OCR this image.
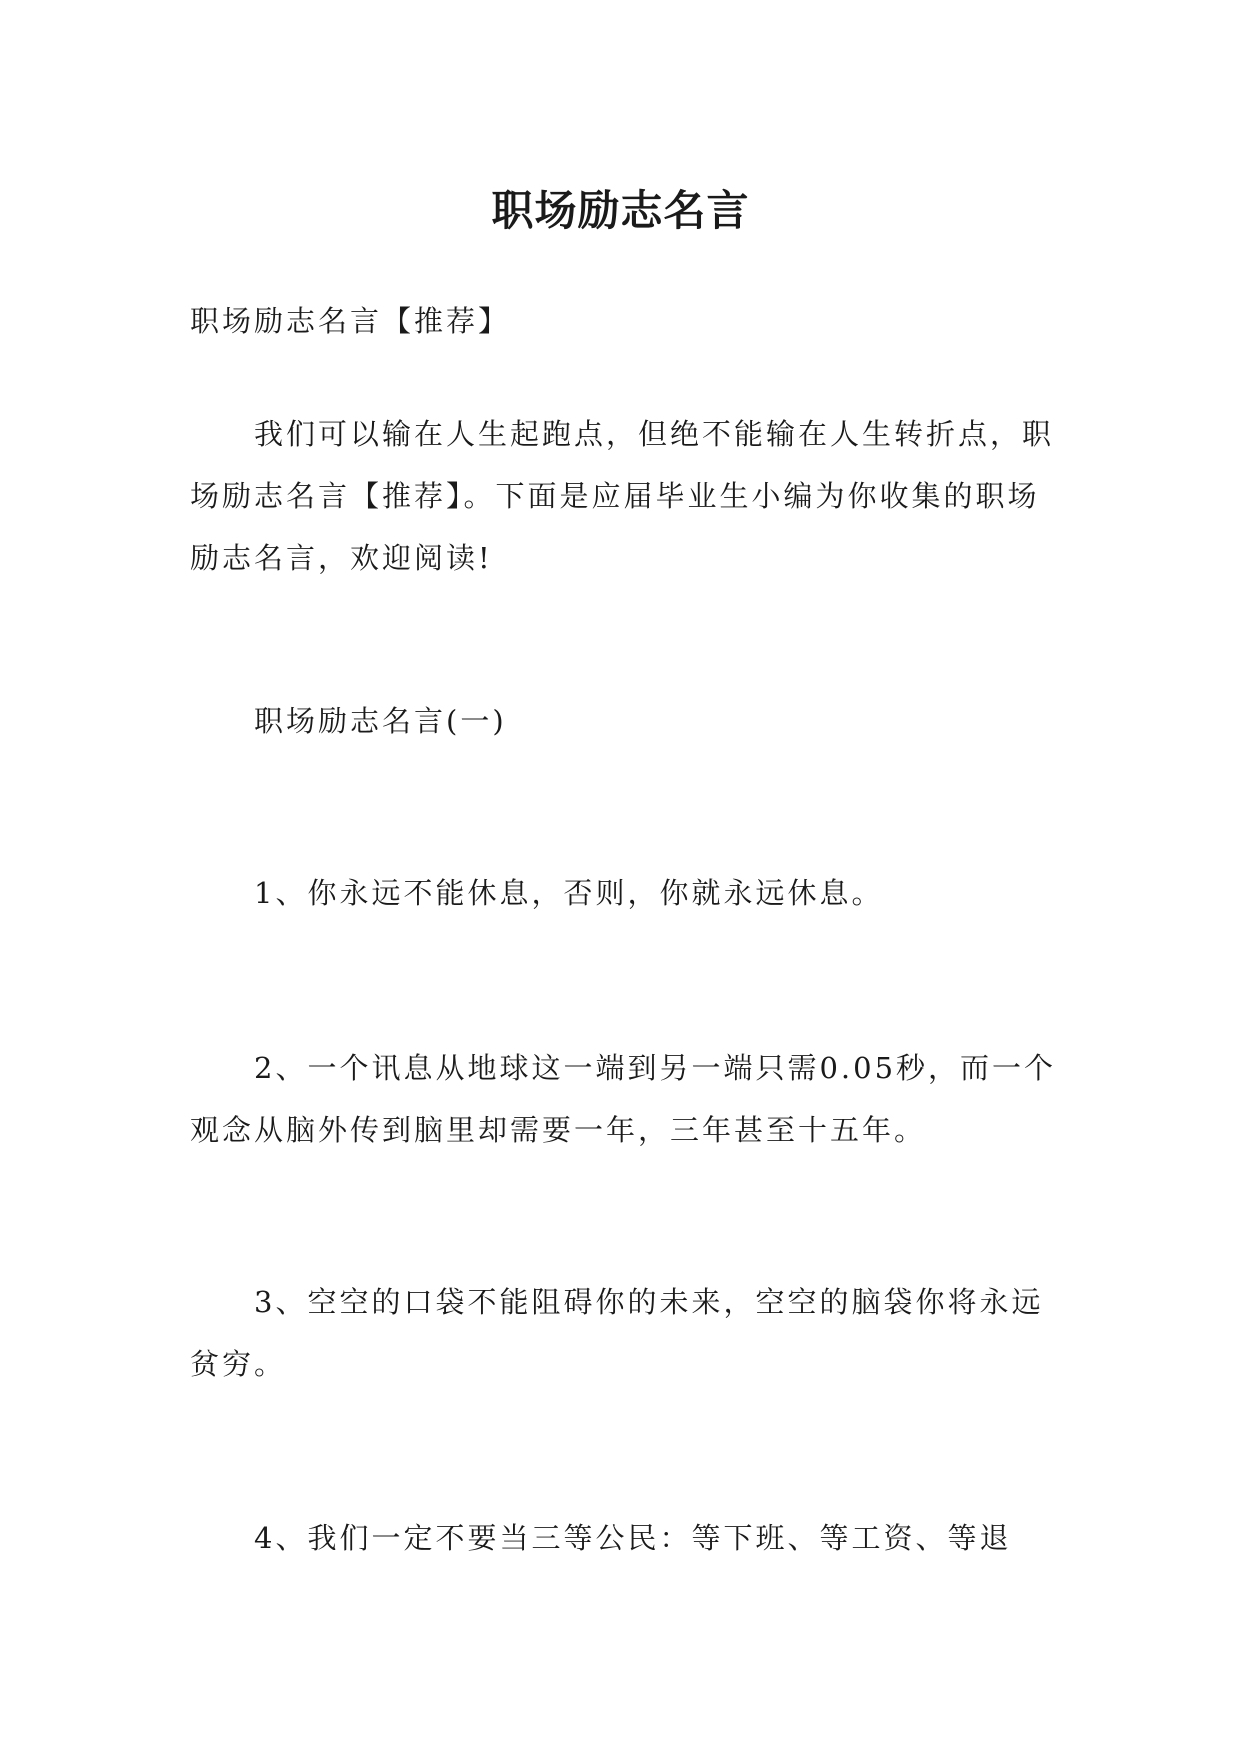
职场励志名言

职场励志名言【推荐】

我们可以输在人生起跑点，但绝不能输在人生转折点，职场励志名言【推荐】。下面是应届毕业生小编为你收集的职场励志名言，欢迎阅读!

职场励志名言(一)

1、你永远不能休息，否则，你就永远休息。

2、一个讯息从地球这一端到另一端只需0.05秒，而一个观念从脑外传到脑里却需要一年，三年甚至十五年。

3、空空的口袋不能阻碍你的未来，空空的脑袋你将永远贫穷。

4、我们一定不要当三等公民：等下班、等工资、等退
